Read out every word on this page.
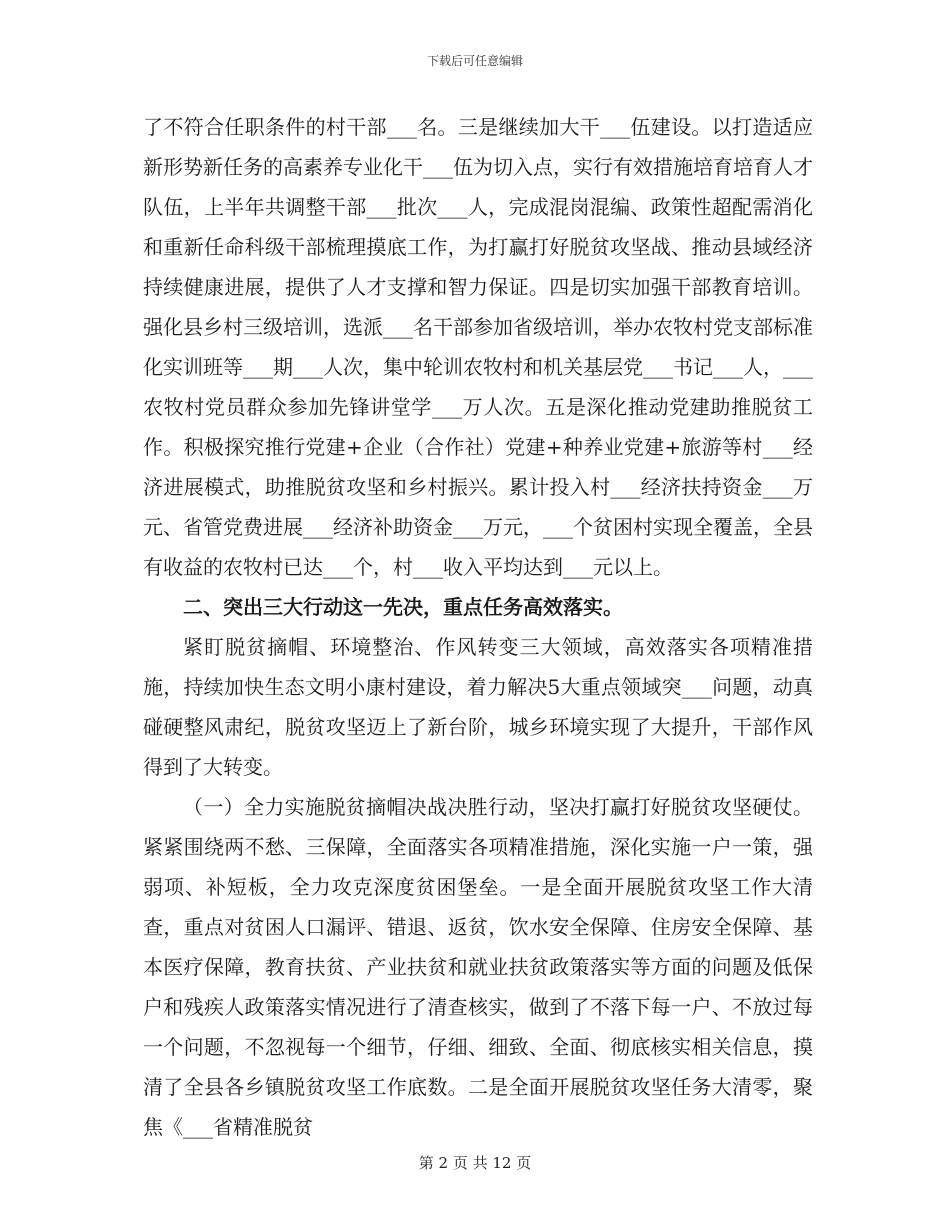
下载后可任意编辑

了不符合任职条件的村干部___名。三是继续加大干___伍建设。以打造适应新形势新任务的高素养专业化干___伍为切入点，实行有效措施培育培育人才队伍，上半年共调整干部___批次___人，完成混岗混编、政策性超配需消化和重新任命科级干部梳理摸底工作，为打赢打好脱贫攻坚战、推动县域经济持续健康进展，提供了人才支撑和智力保证。四是切实加强干部教育培训。强化县乡村三级培训，选派___名干部参加省级培训，举办农牧村党支部标准化实训班等___期___人次，集中轮训农牧村和机关基层党___书记___人，___农牧村党员群众参加先锋讲堂学___万人次。五是深化推动党建助推脱贫工作。积极探究推行党建+企业（合作社）党建+种养业党建+旅游等村___经济进展模式，助推脱贫攻坚和乡村振兴。累计投入村___经济扶持资金___万元、省管党费进展___经济补助资金___万元，___个贫困村实现全覆盖，全县有收益的农牧村已达___个，村___收入平均达到___元以上。

二、突出三大行动这一先决，重点任务高效落实。

紧盯脱贫摘帽、环境整治、作风转变三大领域，高效落实各项精准措施，持续加快生态文明小康村建设，着力解决5大重点领域突___问题，动真碰硬整风肃纪，脱贫攻坚迈上了新台阶，城乡环境实现了大提升，干部作风得到了大转变。

（一）全力实施脱贫摘帽决战决胜行动，坚决打赢打好脱贫攻坚硬仗。紧紧围绕两不愁、三保障，全面落实各项精准措施，深化实施一户一策，强弱项、补短板，全力攻克深度贫困堡垒。一是全面开展脱贫攻坚工作大清查，重点对贫困人口漏评、错退、返贫，饮水安全保障、住房安全保障、基本医疗保障，教育扶贫、产业扶贫和就业扶贫政策落实等方面的问题及低保户和残疾人政策落实情况进行了清查核实，做到了不落下每一户、不放过每一个问题，不忽视每一个细节，仔细、细致、全面、彻底核实相关信息，摸清了全县各乡镇脱贫攻坚工作底数。二是全面开展脱贫攻坚任务大清零，聚焦《___省精准脱贫

第 2 页 共 12 页
